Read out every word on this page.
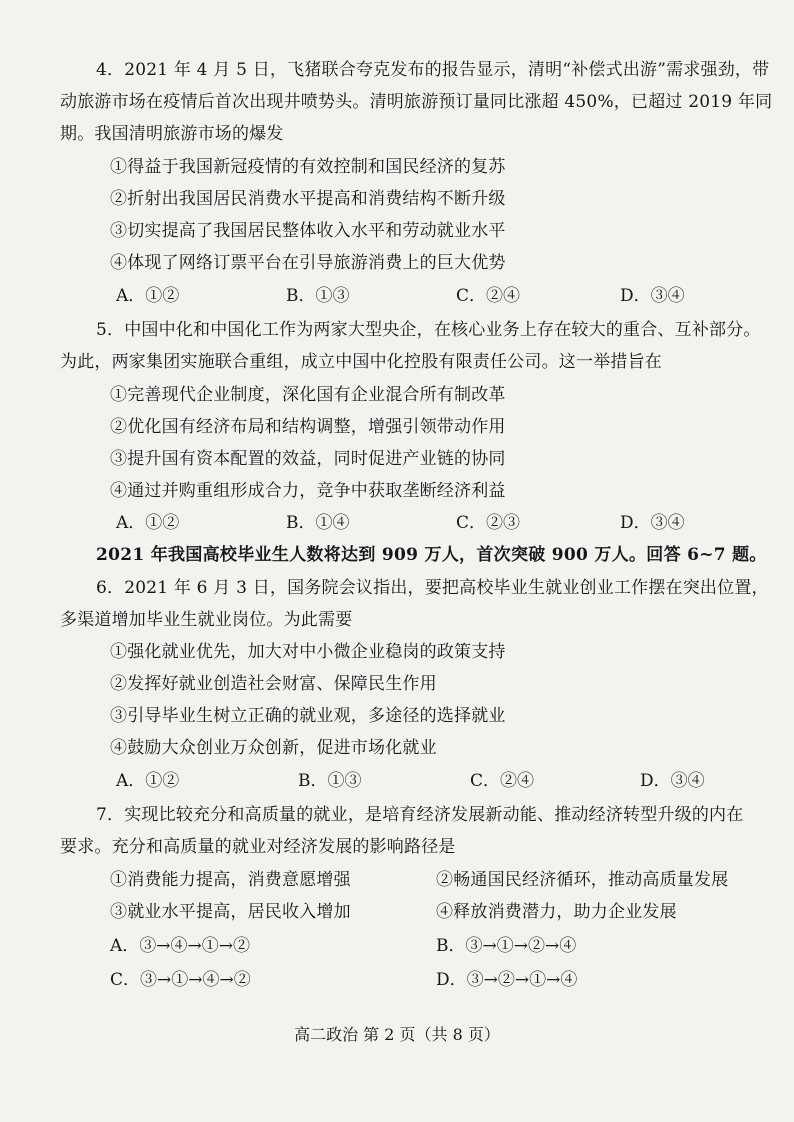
4．2021 年 4 月 5 日，飞猪联合夸克发布的报告显示，清明“补偿式出游”需求强劲，带
动旅游市场在疫情后首次出现井喷势头。清明旅游预订量同比涨超 450%，已超过 2019 年同
期。我国清明旅游市场的爆发
①得益于我国新冠疫情的有效控制和国民经济的复苏
②折射出我国居民消费水平提高和消费结构不断升级
③切实提高了我国居民整体收入水平和劳动就业水平
④体现了网络订票平台在引导旅游消费上的巨大优势
A．①②	B．①③	C．②④	D．③④
5．中国中化和中国化工作为两家大型央企，在核心业务上存在较大的重合、互补部分。
为此，两家集团实施联合重组，成立中国中化控股有限责任公司。这一举措旨在
①完善现代企业制度，深化国有企业混合所有制改革
②优化国有经济布局和结构调整，增强引领带动作用
③提升国有资本配置的效益，同时促进产业链的协同
④通过并购重组形成合力，竞争中获取垄断经济利益
A．①②	B．①④	C．②③	D．③④
2021 年我国高校毕业生人数将达到 909 万人，首次突破 900 万人。回答 6~7 题。
6．2021 年 6 月 3 日，国务院会议指出，要把高校毕业生就业创业工作摆在突出位置，
多渠道增加毕业生就业岗位。为此需要
①强化就业优先，加大对中小微企业稳岗的政策支持
②发挥好就业创造社会财富、保障民生作用
③引导毕业生树立正确的就业观，多途径的选择就业
④鼓励大众创业万众创新，促进市场化就业
A．①②	B．①③	C．②④	D．③④
7．实现比较充分和高质量的就业，是培育经济发展新动能、推动经济转型升级的内在
要求。充分和高质量的就业对经济发展的影响路径是
①消费能力提高，消费意愿增强	②畅通国民经济循环，推动高质量发展
③就业水平提高，居民收入增加	④释放消费潜力，助力企业发展
A．③→④→①→②	B．③→①→②→④
C．③→①→④→②	D．③→②→①→④
高二政治 第 2 页（共 8 页）
